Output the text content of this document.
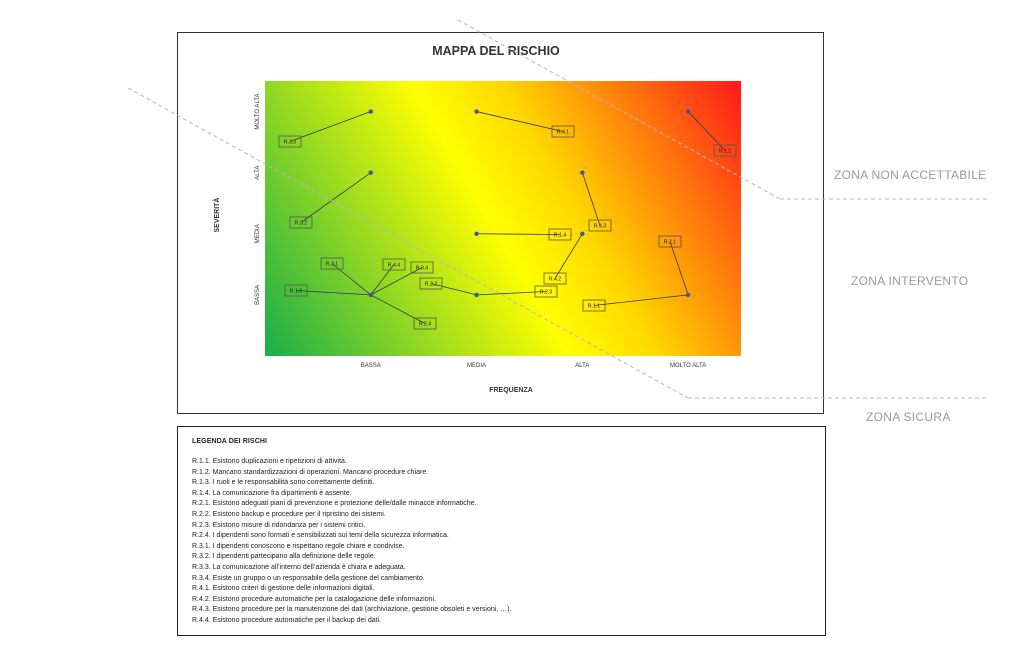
R.3.3
R.4.1
R.1.2
R.3.2	R.4.3
R.1.4
R.4.2
R.1.3
R.3.1	R.4.4	R.3.4
R.2.4
R.2.2
R.2.3
R.1.1
R.2.1
BASSA	MEDIA	ALTA	MOLTO ALTA
BASSA
MEDIA
ALTA
MOLTO ALTA
MAPPA DEL RISCHIO
FREQUENZA
SEVERITÀ
ZONA NON ACCETTABILE
ZONA INTERVENTO
ZONA SICURA
LEGENDA DEI RISCHI
R.1.1. Esistono duplicazioni e ripetizioni di attività.
R.1.2. Mancano standardizzazioni di operazioni. Mancano procedure chiare.
R.1.3. I ruoli e le responsabilità sono correttamente definiti.
R.1.4. La comunicazione fra dipartimenti è assente.
R.2.1. Esistono adeguati piani di prevenzione e protezione delle/dalle minacce informatiche.
R.2.2. Esistono backup e procedure per il ripristino dei sistemi.
R.2.3. Esistono misure di ridondanza per i sistemi critici.
R.2.4. I dipendenti sono formati e sensibilizzati sui temi della sicurezza informatica.
R.3.1. I dipendenti conoscono e rispettano regole chiare e condivise.
R.3.2. I dipendenti partecipano alla definizione delle regole.
R.3.3. La comunicazione all’interno dell’azienda è chiara e adeguata.
R.3.4. Esiste un gruppo o un responsabile della gestione del cambiamento.
R.4.1. Esistono criteri di gestione delle informazioni digitali.
R.4.2. Esistono procedure automatiche per la catalogazione delle informazioni.
R.4.3. Esistono procedure per la manutenzione dei dati (archiviazione, gestione obsoleti e versioni, …).
R.4.4. Esistono procedure automatiche per il backup dei dati.
